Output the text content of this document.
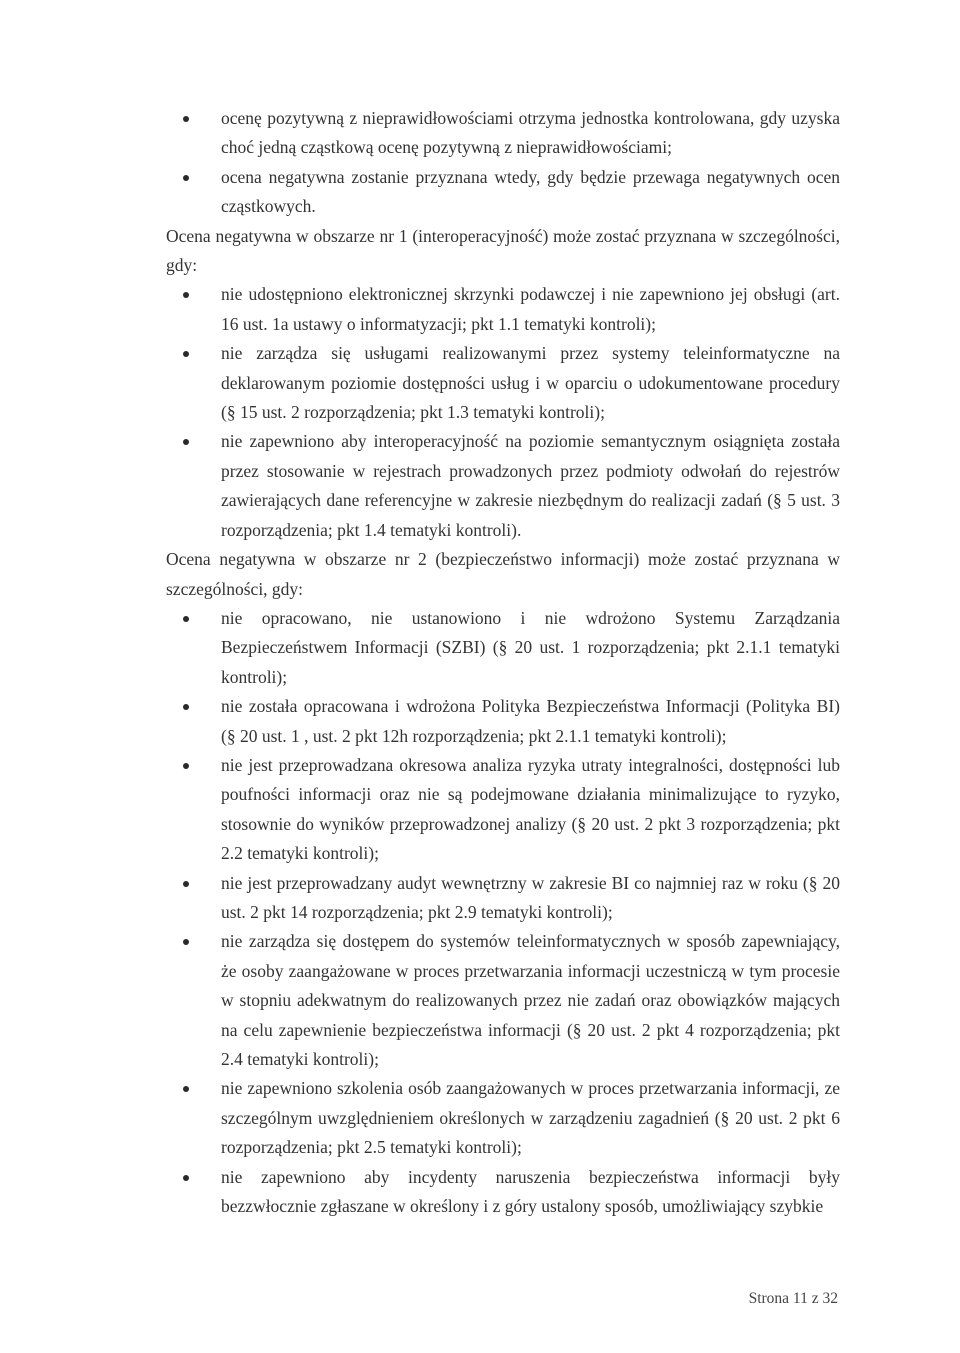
ocenę pozytywną z nieprawidłowościami otrzyma jednostka kontrolowana, gdy uzyska choć jedną cząstkową ocenę pozytywną z nieprawidłowościami;
ocena negatywna zostanie przyznana wtedy, gdy będzie przewaga negatywnych ocen cząstkowych.

Ocena negatywna w obszarze nr 1 (interoperacyjność) może zostać przyznana w szczególności, gdy:

nie udostępniono elektronicznej skrzynki podawczej i nie zapewniono jej obsługi (art. 16 ust. 1a ustawy o informatyzacji; pkt 1.1 tematyki kontroli);
nie zarządza się usługami realizowanymi przez systemy teleinformatyczne na deklarowanym poziomie dostępności usług i w oparciu o udokumentowane procedury (§ 15 ust. 2 rozporządzenia; pkt 1.3 tematyki kontroli);
nie zapewniono aby interoperacyjność na poziomie semantycznym osiągnięta została przez stosowanie w rejestrach prowadzonych przez podmioty odwołań do rejestrów zawierających dane referencyjne w zakresie niezbędnym do realizacji zadań (§ 5 ust. 3 rozporządzenia; pkt 1.4 tematyki kontroli).

Ocena negatywna w obszarze nr 2 (bezpieczeństwo informacji) może zostać przyznana w szczególności, gdy:

nie opracowano, nie ustanowiono i nie wdrożono Systemu Zarządzania Bezpieczeństwem Informacji (SZBI) (§ 20 ust. 1 rozporządzenia; pkt 2.1.1 tematyki kontroli);
nie została opracowana i wdrożona Polityka Bezpieczeństwa Informacji (Polityka BI) (§ 20 ust. 1 , ust. 2 pkt 12h rozporządzenia; pkt 2.1.1 tematyki kontroli);
nie jest przeprowadzana okresowa analiza ryzyka utraty integralności, dostępności lub poufności informacji oraz nie są podejmowane działania minimalizujące to ryzyko, stosownie do wyników przeprowadzonej analizy (§ 20 ust. 2 pkt 3 rozporządzenia; pkt 2.2 tematyki kontroli);
nie jest przeprowadzany audyt wewnętrzny w zakresie BI co najmniej raz w roku (§ 20 ust. 2 pkt 14 rozporządzenia; pkt 2.9 tematyki kontroli);
nie zarządza się dostępem do systemów teleinformatycznych w sposób zapewniający, że osoby zaangażowane w proces przetwarzania informacji uczestniczą w tym procesie w stopniu adekwatnym do realizowanych przez nie zadań oraz obowiązków mających na celu zapewnienie bezpieczeństwa informacji (§ 20 ust. 2 pkt 4 rozporządzenia; pkt 2.4 tematyki kontroli);
nie zapewniono szkolenia osób zaangażowanych w proces przetwarzania informacji, ze szczególnym uwzględnieniem określonych w zarządzeniu zagadnień (§ 20 ust. 2 pkt 6 rozporządzenia; pkt 2.5 tematyki kontroli);
nie zapewniono aby incydenty naruszenia bezpieczeństwa informacji były bezzwłocznie zgłaszane w określony i z góry ustalony sposób, umożliwiający szybkie
Strona 11 z 32
